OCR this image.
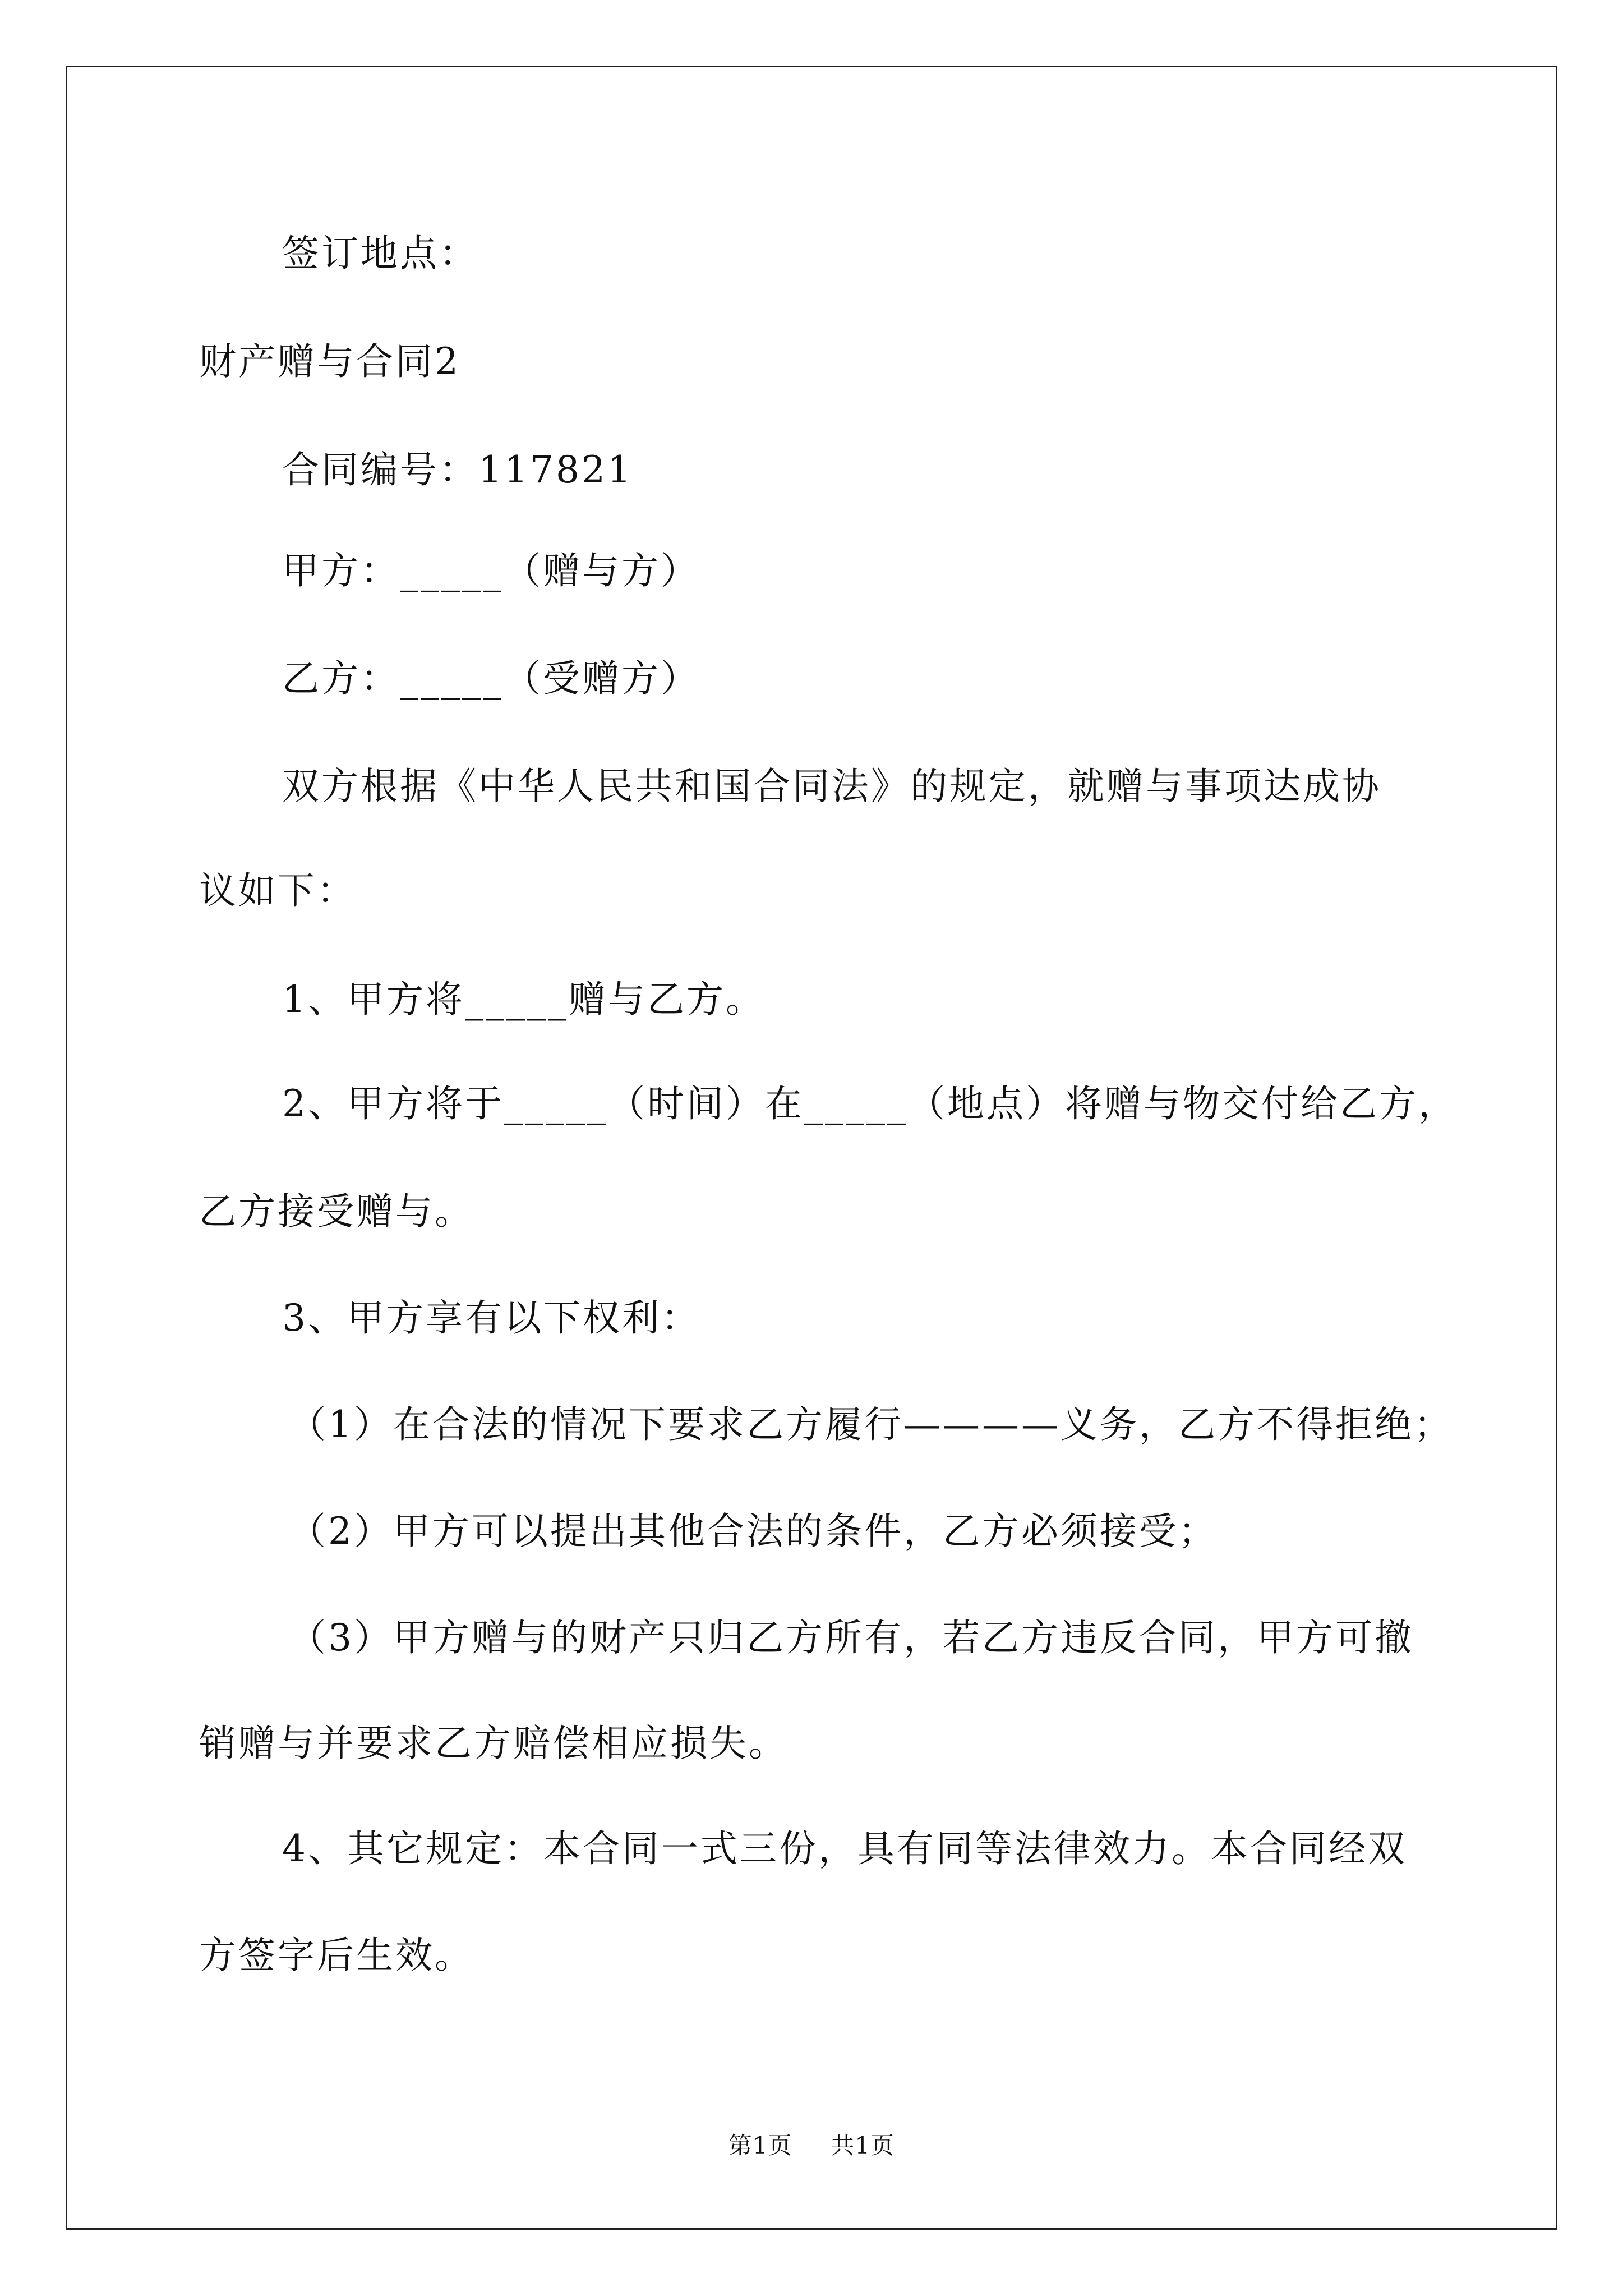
签订地点：
财产赠与合同2
合同编号：117821
甲方：_____（赠与方）
乙方：_____（受赠方）
双方根据《中华人民共和国合同法》的规定，就赠与事项达成协
议如下：
1、甲方将_____赠与乙方。
2、甲方将于_____（时间）在_____（地点）将赠与物交付给乙方，
乙方接受赠与。
3、甲方享有以下权利：
（1）在合法的情况下要求乙方履行————义务，乙方不得拒绝；
（2）甲方可以提出其他合法的条件，乙方必须接受；
（3）甲方赠与的财产只归乙方所有，若乙方违反合同，甲方可撤
销赠与并要求乙方赔偿相应损失。
4、其它规定：本合同一式三份，具有同等法律效力。本合同经双
方签字后生效。
第1页 共1页
